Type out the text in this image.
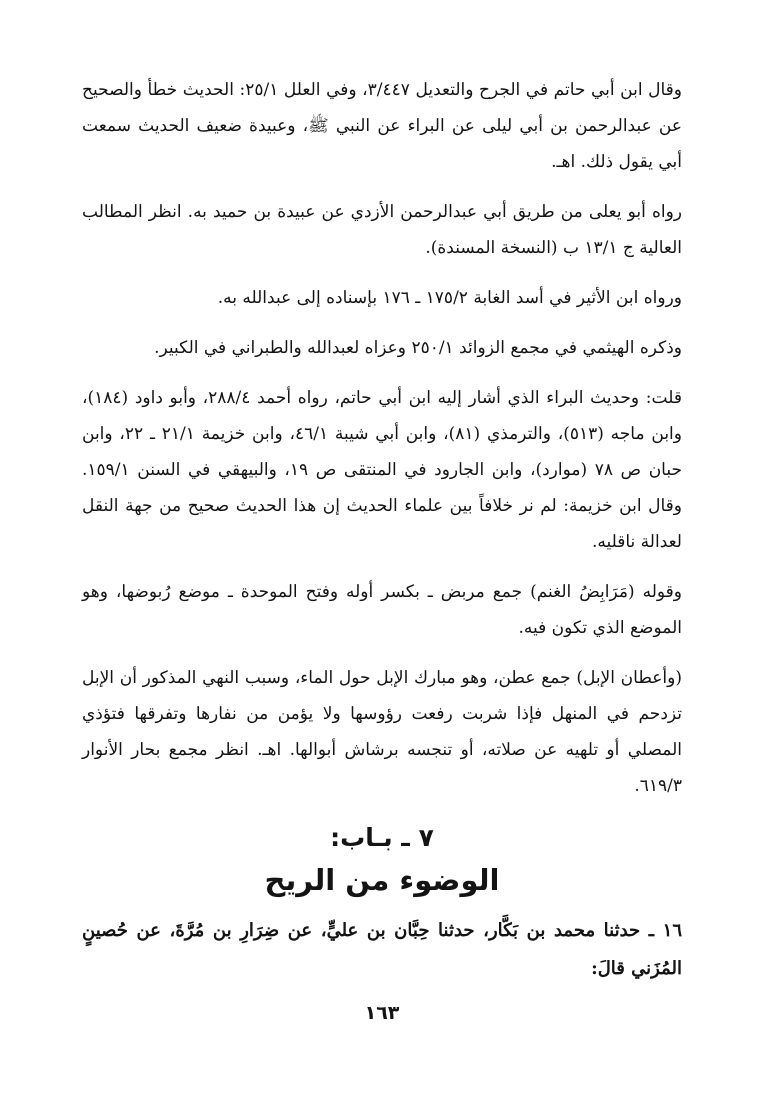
وقال ابن أبي حاتم في الجرح والتعديل ٣/٤٤٧، وفي العلل ٢٥/١: الحديث خطأ والصحيح عن عبدالرحمن بن أبي ليلى عن البراء عن النبي ﷺ، وعبيدة ضعيف الحديث سمعت أبي يقول ذلك. اهـ.

رواه أبو يعلى من طريق أبي عبدالرحمن الأزدي عن عبيدة بن حميد به. انظر المطالب العالية ج ١٣/١ ب (النسخة المسندة).

ورواه ابن الأثير في أسد الغابة ١٧٥/٢ ـ ١٧٦ بإسناده إلى عبدالله به.

وذكره الهيثمي في مجمع الزوائد ٢٥٠/١ وعزاه لعبدالله والطبراني في الكبير.

قلت: وحديث البراء الذي أشار إليه ابن أبي حاتم، رواه أحمد ٢٨٨/٤، وأبو داود (١٨٤)، وابن ماجه (٥١٣)، والترمذي (٨١)، وابن أبي شيبة ٤٦/١، وابن خزيمة ٢١/١ ـ ٢٢، وابن حبان ص ٧٨ (موارد)، وابن الجارود في المنتقى ص ١٩، والبيهقي في السنن ١٥٩/١. وقال ابن خزيمة: لم نر خلافاً بين علماء الحديث إن هذا الحديث صحيح من جهة النقل لعدالة ناقليه.

وقوله (مَرَابِضُ الغنم) جمع مربض ـ بكسر أوله وفتح الموحدة ـ موضع رُبوضها، وهو الموضع الذي تكون فيه.

(وأعطان الإبل) جمع عطن، وهو مبارك الإبل حول الماء، وسبب النهي المذكور أن الإبل تزدحم في المنهل فإذا شربت رفعت رؤوسها ولا يؤمن من نفارها وتفرقها فتؤذي المصلي أو تلهيه عن صلاته، أو تنجسه برشاش أبوالها. اهـ. انظر مجمع بحار الأنوار ٦١٩/٣.

٧ ـ بـاب:
الوضوء من الريح

١٦ ـ حدثنا محمد بن بَكَّار، حدثنا حِبَّان بن عليٍّ، عن ضِرَارِ بن مُرَّةَ، عن حُصينٍ المُزَني قالَ:

١٦٣
